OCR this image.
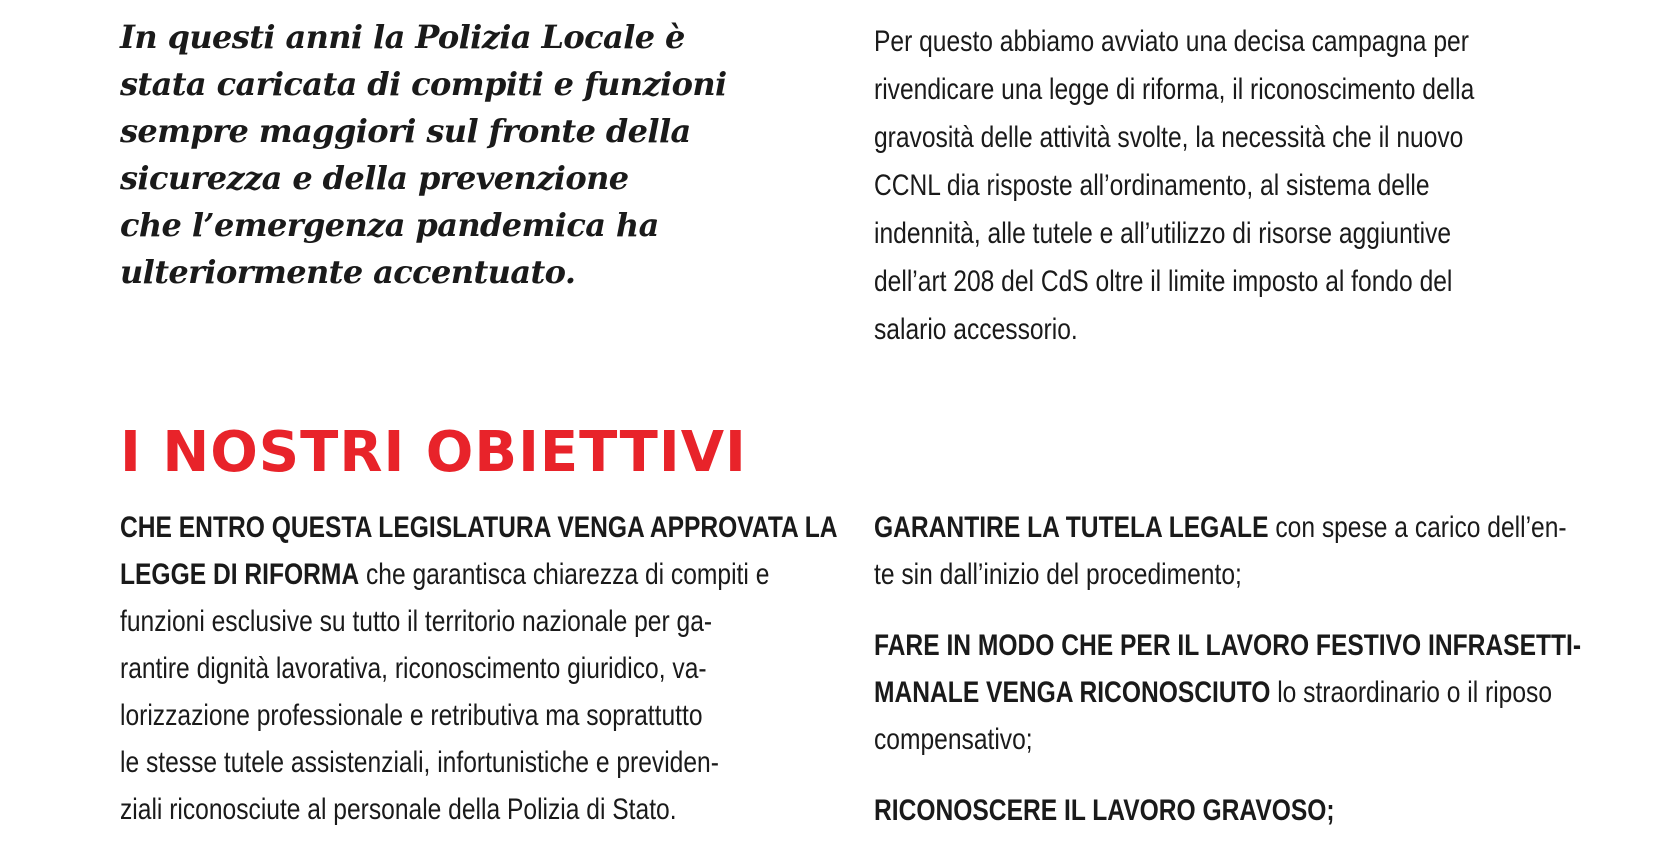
In questi anni la Polizia Locale è
stata caricata di compiti e funzioni
sempre maggiori sul fronte della
sicurezza e della prevenzione
che l’emergenza pandemica ha
ulteriormente accentuato.

Per questo abbiamo avviato una decisa campagna per
rivendicare una legge di riforma, il riconoscimento della
gravosità delle attività svolte, la necessità che il nuovo
CCNL dia risposte all’ordinamento, al sistema delle
indennità, alle tutele e all’utilizzo di risorse aggiuntive
dell’art 208 del CdS oltre il limite imposto al fondo del
salario accessorio.

I NOSTRI OBIETTIVI
CHE ENTRO QUESTA LEGISLATURA VENGA APPROVATA LA
LEGGE DI RIFORMA che garantisca chiarezza di compiti e
funzioni esclusive su tutto il territorio nazionale per ga-
rantire dignità lavorativa, riconoscimento giuridico, va-
lorizzazione professionale e retributiva ma soprattutto
le stesse tutele assistenziali, infortunistiche e previden-
ziali riconosciute al personale della Polizia di Stato.
GARANTIRE LA TUTELA LEGALE con spese a carico dell’en-
te sin dall’inizio del procedimento;
FARE IN MODO CHE PER IL LAVORO FESTIVO INFRASETTI-
MANALE VENGA RICONOSCIUTO lo straordinario o il riposo
compensativo;
RICONOSCERE IL LAVORO GRAVOSO;
